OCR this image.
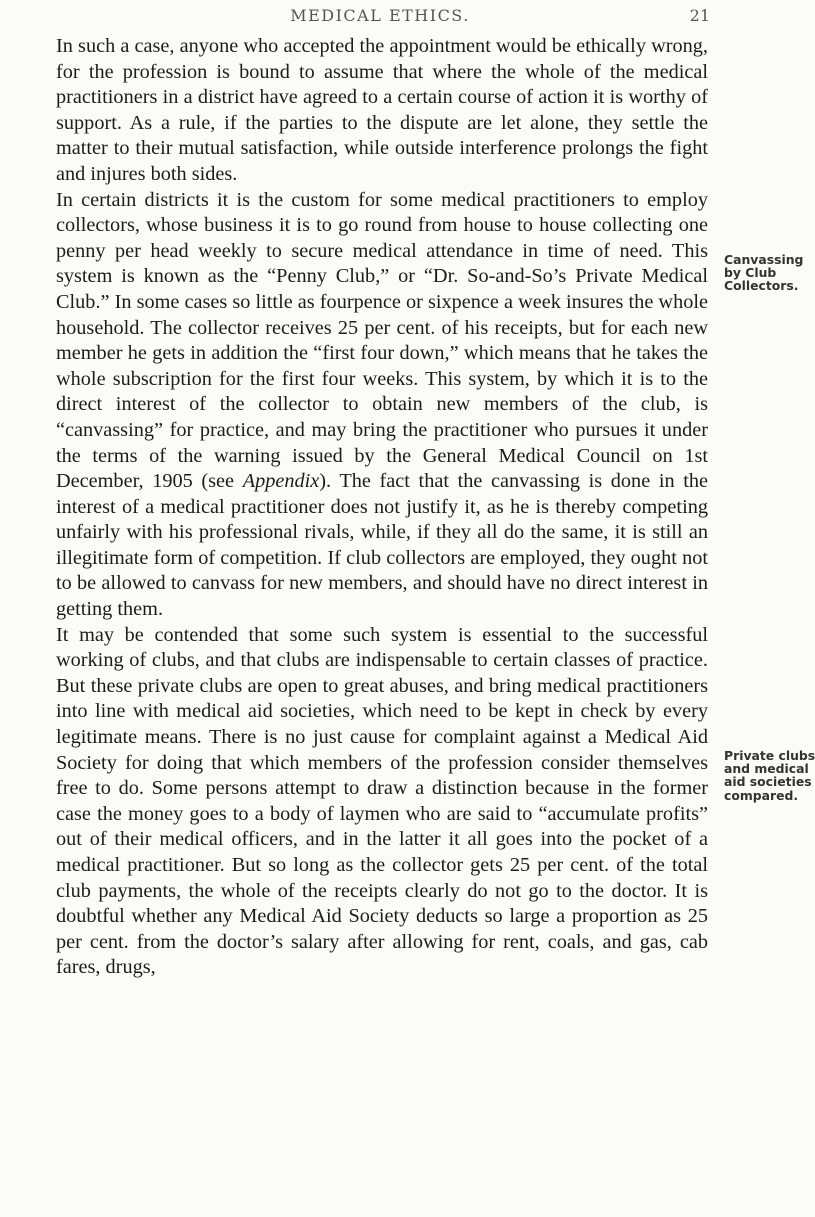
MEDICAL ETHICS.	21

In such a case, anyone who accepted the appointment would be ethically wrong, for the profession is bound to assume that where the whole of the medical practitioners in a district have agreed to a certain course of action it is worthy of support. As a rule, if the parties to the dispute are let alone, they settle the matter to their mutual satisfaction, while outside interference prolongs the fight and injures both sides.

In certain districts it is the custom for some medical practitioners to employ collectors, whose business it is to go round from house to house collecting one penny per head weekly to secure medical attendance in time of need. This system is known as the “Penny Club,” or “Dr. So-and-So’s Private Medical Club.” In some cases so little as fourpence or sixpence a week insures the whole household. The collector receives 25 per cent. of his receipts, but for each new member he gets in addition the “first four down,” which means that he takes the whole subscription for the first four weeks. This system, by which it is to the direct interest of the collector to obtain new members of the club, is “canvassing” for practice, and may bring the practitioner who pursues it under the terms of the warning issued by the General Medical Council on 1st December, 1905 (see Appendix). The fact that the canvassing is done in the interest of a medical practitioner does not justify it, as he is thereby competing unfairly with his professional rivals, while, if they all do the same, it is still an illegitimate form of competition. If club collectors are employed, they ought not to be allowed to canvass for new members, and should have no direct interest in getting them.

It may be contended that some such system is essential to the successful working of clubs, and that clubs are indispensable to certain classes of practice. But these private clubs are open to great abuses, and bring medical practitioners into line with medical aid societies, which need to be kept in check by every legitimate means. There is no just cause for complaint against a Medical Aid Society for doing that which members of the profession consider themselves free to do. Some persons attempt to draw a distinction because in the former case the money goes to a body of laymen who are said to “accumulate profits” out of their medical officers, and in the latter it all goes into the pocket of a medical practitioner. But so long as the collector gets 25 per cent. of the total club payments, the whole of the receipts clearly do not go to the doctor. It is doubtful whether any Medical Aid Society deducts so large a proportion as 25 per cent. from the doctor’s salary after allowing for rent, coals, and gas, cab fares, drugs,

Canvassing
by Club
Collectors.
Private clubs
and medical
aid societies
compared.
